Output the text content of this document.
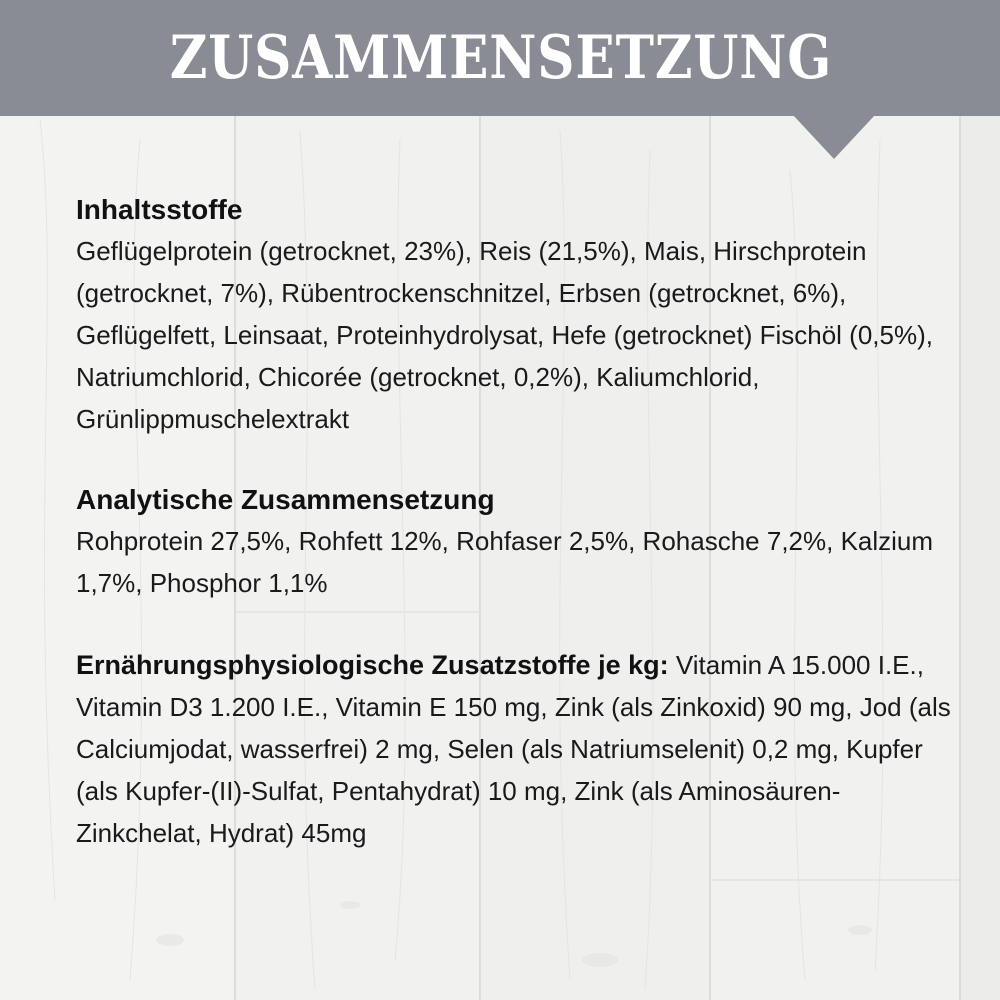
ZUSAMMENSETZUNG

Inhaltsstoffe

Geflügelprotein (getrocknet, 23%), Reis (21,5%), Mais, Hirschprotein (getrocknet, 7%), Rübentrockenschnitzel, Erbsen (getrocknet, 6%), Geflügelfett, Leinsaat, Proteinhydrolysat, Hefe (getrocknet) Fischöl (0,5%), Natriumchlorid, Chicorée (getrocknet, 0,2%), Kaliumchlorid, Grünlippmuschelextrakt

Analytische Zusammensetzung

Rohprotein 27,5%, Rohfett 12%, Rohfaser 2,5%, Rohasche 7,2%, Kalzium 1,7%, Phosphor 1,1%

Ernährungsphysiologische Zusatzstoffe je kg: Vitamin A 15.000 I.E., Vitamin D3 1.200 I.E., Vitamin E 150 mg, Zink (als Zinkoxid) 90 mg, Jod (als Calciumjodat, wasserfrei) 2 mg, Selen (als Natriumselenit) 0,2 mg, Kupfer (als Kupfer-(II)-Sulfat, Pentahydrat) 10 mg, Zink (als Aminosäuren-Zinkchelat, Hydrat) 45mg
